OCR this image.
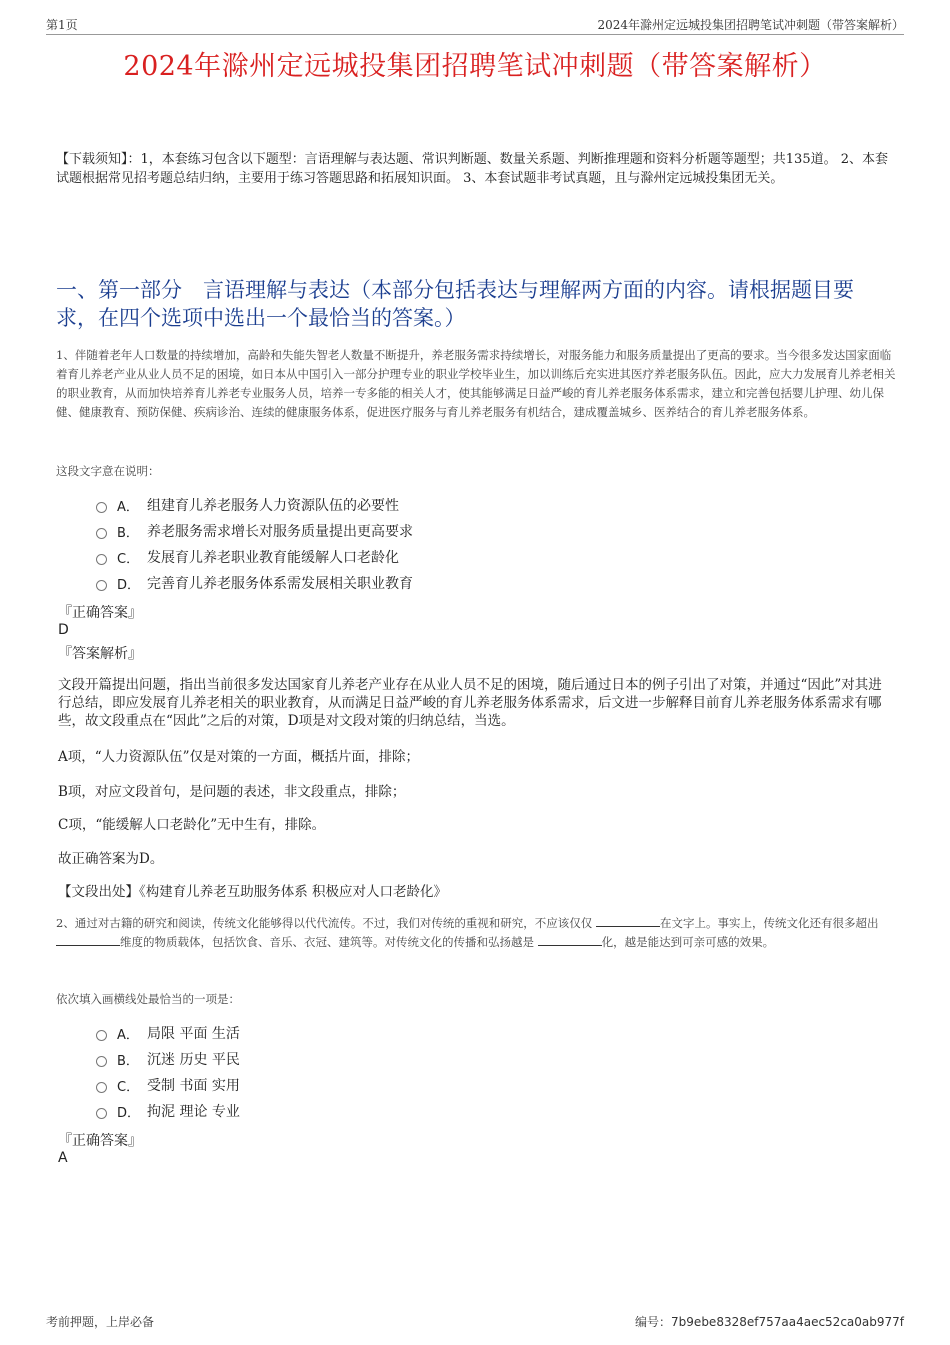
第1页	2024年滁州定远城投集团招聘笔试冲刺题（带答案解析）
2024年滁州定远城投集团招聘笔试冲刺题（带答案解析）
【下载须知】：1，本套练习包含以下题型：言语理解与表达题、常识判断题、数量关系题、判断推理题和资料分析题等题型；共135道。 2、本套试题根据常见招考题总结归纳，主要用于练习答题思路和拓展知识面。 3、本套试题非考试真题，且与滁州定远城投集团无关。
一、第一部分　言语理解与表达（本部分包括表达与理解两方面的内容。请根据题目要求，在四个选项中选出一个最恰当的答案。）
1、伴随着老年人口数量的持续增加，高龄和失能失智老人数量不断提升，养老服务需求持续增长，对服务能力和服务质量提出了更高的要求。当今很多发达国家面临着育儿养老产业从业人员不足的困境，如日本从中国引入一部分护理专业的职业学校毕业生，加以训练后充实进其医疗养老服务队伍。因此，应大力发展育儿养老相关的职业教育，从而加快培养育儿养老专业服务人员，培养一专多能的相关人才，使其能够满足日益严峻的育儿养老服务体系需求，建立和完善包括婴儿护理、幼儿保健、健康教育、预防保健、疾病诊治、连续的健康服务体系，促进医疗服务与育儿养老服务有机结合，建成覆盖城乡、医养结合的育儿养老服务体系。
这段文字意在说明：
A． 组建育儿养老服务人力资源队伍的必要性
B． 养老服务需求增长对服务质量提出更高要求
C． 发展育儿养老职业教育能缓解人口老龄化
D． 完善育儿养老服务体系需发展相关职业教育
『正确答案』
D
『答案解析』
文段开篇提出问题，指出当前很多发达国家育儿养老产业存在从业人员不足的困境，随后通过日本的例子引出了对策，并通过“因此”对其进行总结，即应发展育儿养老相关的职业教育，从而满足日益严峻的育儿养老服务体系需求，后文进一步解释目前育儿养老服务体系需求有哪些，故文段重点在“因此”之后的对策，D项是对文段对策的归纳总结，当选。
A项，“人力资源队伍”仅是对策的一方面，概括片面，排除；
B项，对应文段首句，是问题的表述，非文段重点，排除；
C项，“能缓解人口老龄化”无中生有，排除。
故正确答案为D。
【文段出处】《构建育儿养老互助服务体系 积极应对人口老龄化》
2、通过对古籍的研究和阅读，传统文化能够得以代代流传。不过，我们对传统的重视和研究，不应该仅仅	在文字上。事实上，传统文化还有很多超出 维度的物质载体，包括饮食、音乐、衣冠、建筑等。对传统文化的传播和弘扬越是	化，越是能达到可亲可感的效果。
依次填入画横线处最恰当的一项是：
A． 局限 平面 生活
B． 沉迷 历史 平民
C． 受制 书面 实用
D． 拘泥 理论 专业
『正确答案』
A
考前押题，上岸必备	编号：7b9ebe8328ef757aa4aec52ca0ab977f
